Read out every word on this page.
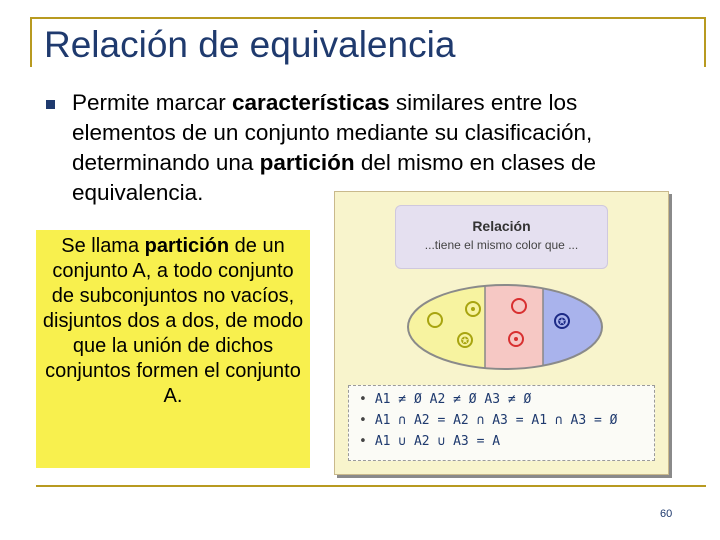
Relación de equivalencia
Permite marcar características similares entre los elementos de un conjunto mediante su clasificación, determinando una partición del mismo en clases de equivalencia.
Se llama partición de un conjunto A, a todo conjunto de subconjuntos no vacíos, disjuntos dos a dos, de modo que la unión de dichos conjuntos formen el conjunto A.
Relación
...tiene el mismo color que ...
✪
✪
• A1 ≠ Ø A2 ≠ Ø A3 ≠ Ø
• A1 ∩ A2 = A2 ∩ A3 = A1 ∩ A3 = Ø
• A1 ∪ A2 ∪ A3 = A
60
